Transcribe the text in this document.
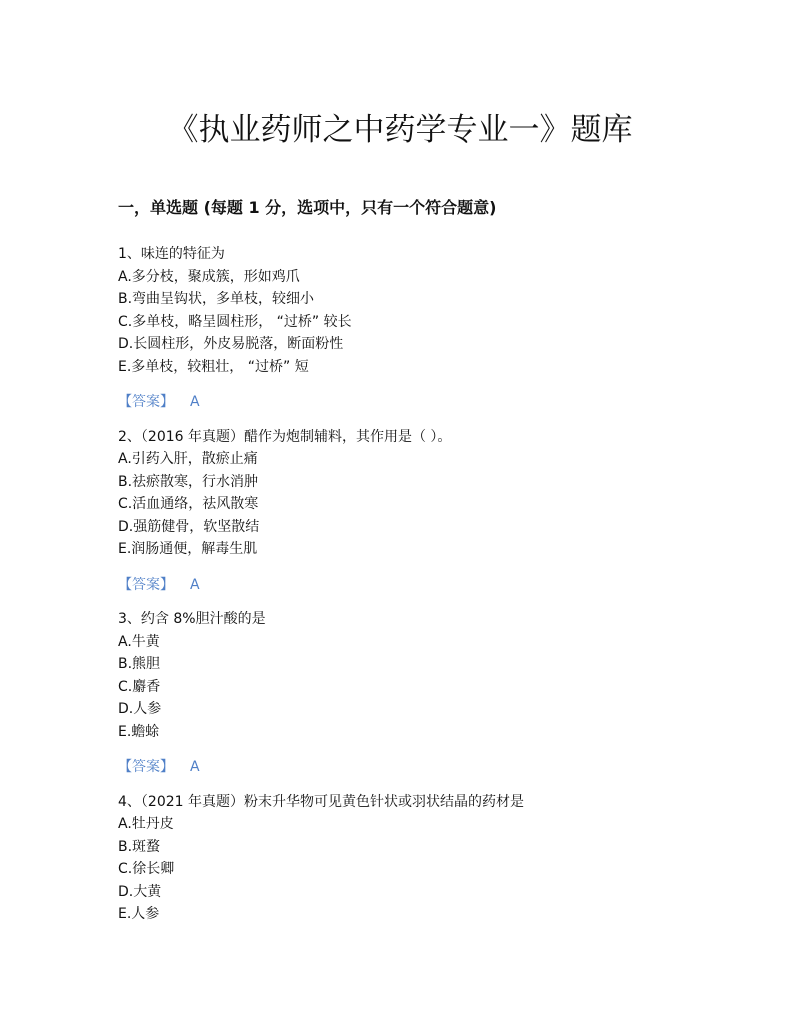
《执业药师之中药学专业一》题库
一，单选题 (每题 1 分，选项中，只有一个符合题意)
1、味连的特征为
A.多分枝，聚成簇，形如鸡爪
B.弯曲呈钩状，多单枝，较细小
C.多单枝，略呈圆柱形， “过桥” 较长
D.长圆柱形，外皮易脱落，断面粉性
E.多单枝，较粗壮， “过桥” 短
【答案】 A
2、（2016 年真题）醋作为炮制辅料，其作用是（ ）。
A.引药入肝，散瘀止痛
B.祛瘀散寒，行水消肿
C.活血通络，祛风散寒
D.强筋健骨，软坚散结
E.润肠通便，解毒生肌
【答案】 A
3、约含 8%胆汁酸的是
A.牛黄
B.熊胆
C.麝香
D.人参
E.蟾蜍
【答案】 A
4、（2021 年真题）粉末升华物可见黄色针状或羽状结晶的药材是
A.牡丹皮
B.斑蝥
C.徐长卿
D.大黄
E.人参
